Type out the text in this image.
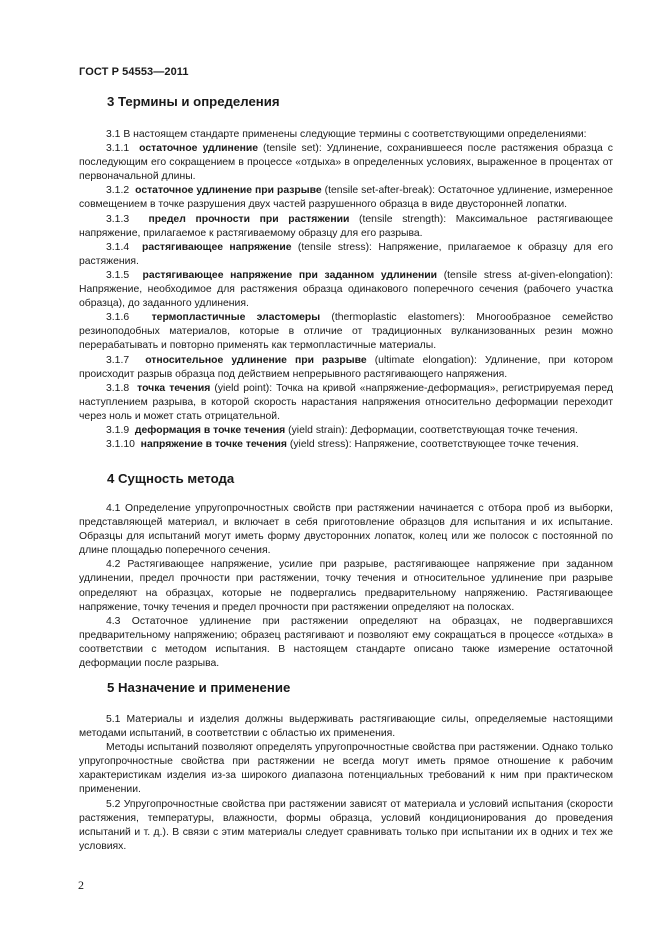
ГОСТ Р 54553—2011
3 Термины и определения
3.1 В настоящем стандарте применены следующие термины с соответствующими определениями:
3.1.1 остаточное удлинение (tensile set): Удлинение, сохранившееся после растяжения образца с последующим его сокращением в процессе «отдыха» в определенных условиях, выраженное в процентах от первоначальной длины.
3.1.2 остаточное удлинение при разрыве (tensile set-after-break): Остаточное удлинение, измеренное совмещением в точке разрушения двух частей разрушенного образца в виде двусторонней лопатки.
3.1.3 предел прочности при растяжении (tensile strength): Максимальное растягивающее напряжение, прилагаемое к растягиваемому образцу для его разрыва.
3.1.4 растягивающее напряжение (tensile stress): Напряжение, прилагаемое к образцу для его растяжения.
3.1.5 растягивающее напряжение при заданном удлинении (tensile stress at-given-elongation): Напряжение, необходимое для растяжения образца одинакового поперечного сечения (рабочего участка образца), до заданного удлинения.
3.1.6 термопластичные эластомеры (thermoplastic elastomers): Многообразное семейство резиноподобных материалов, которые в отличие от традиционных вулканизованных резин можно перерабатывать и повторно применять как термопластичные материалы.
3.1.7 относительное удлинение при разрыве (ultimate elongation): Удлинение, при котором происходит разрыв образца под действием непрерывного растягивающего напряжения.
3.1.8 точка течения (yield point): Точка на кривой «напряжение-деформация», регистрируемая перед наступлением разрыва, в которой скорость нарастания напряжения относительно деформации переходит через ноль и может стать отрицательной.
3.1.9 деформация в точке течения (yield strain): Деформации, соответствующая точке течения.
3.1.10 напряжение в точке течения (yield stress): Напряжение, соответствующее точке течения.
4 Сущность метода
4.1 Определение упругопрочностных свойств при растяжении начинается с отбора проб из выборки, представляющей материал, и включает в себя приготовление образцов для испытания и их испытание. Образцы для испытаний могут иметь форму двусторонних лопаток, колец или же полосок с постоянной по длине площадью поперечного сечения.
4.2 Растягивающее напряжение, усилие при разрыве, растягивающее напряжение при заданном удлинении, предел прочности при растяжении, точку течения и относительное удлинение при разрыве определяют на образцах, которые не подвергались предварительному напряжению. Растягивающее напряжение, точку течения и предел прочности при растяжении определяют на полосках.
4.3 Остаточное удлинение при растяжении определяют на образцах, не подвергавшихся предварительному напряжению; образец растягивают и позволяют ему сокращаться в процессе «отдыха» в соответствии с методом испытания. В настоящем стандарте описано также измерение остаточной деформации после разрыва.
5 Назначение и применение
5.1 Материалы и изделия должны выдерживать растягивающие силы, определяемые настоящими методами испытаний, в соответствии с областью их применения.
Методы испытаний позволяют определять упругопрочностные свойства при растяжении. Однако только упругопрочностные свойства при растяжении не всегда могут иметь прямое отношение к рабочим характеристикам изделия из-за широкого диапазона потенциальных требований к ним при практическом применении.
5.2 Упругопрочностные свойства при растяжении зависят от материала и условий испытания (скорости растяжения, температуры, влажности, формы образца, условий кондиционирования до проведения испытаний и т. д.). В связи с этим материалы следует сравнивать только при испытании их в одних и тех же условиях.
2
